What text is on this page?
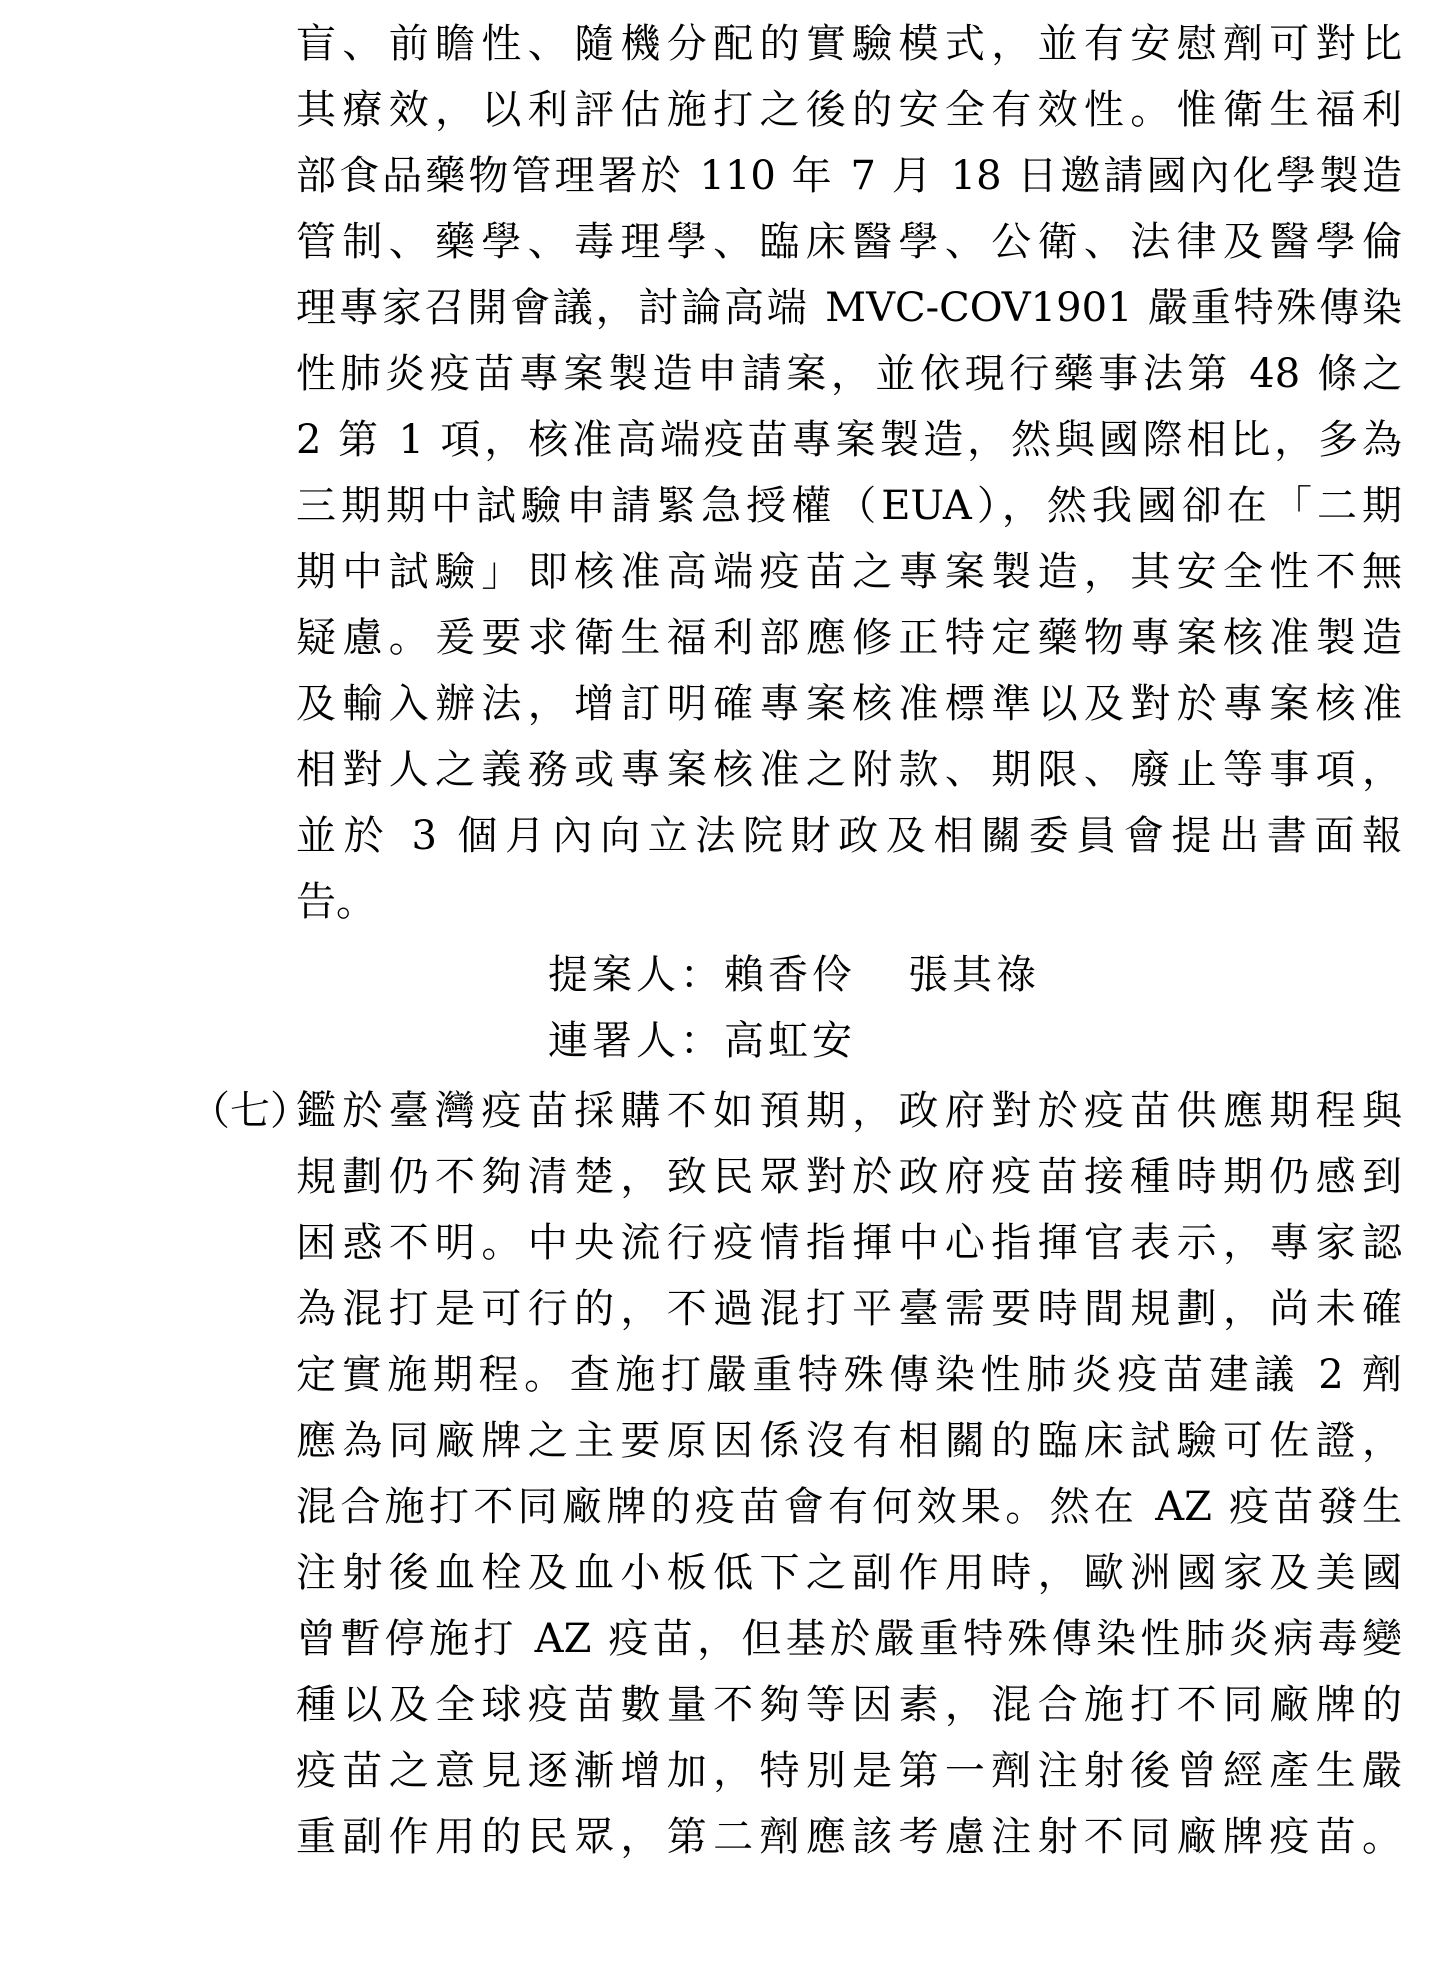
盲、前瞻性、隨機分配的實驗模式，並有安慰劑可對比
其療效，以利評估施打之後的安全有效性。惟衛生福利
部食品藥物管理署於 110 年 7 月 18 日邀請國內化學製造
管制、藥學、毒理學、臨床醫學、公衛、法律及醫學倫
理專家召開會議，討論高端 MVC-COV1901 嚴重特殊傳染
性肺炎疫苗專案製造申請案，並依現行藥事法第 48 條之
2 第 1 項，核准高端疫苗專案製造，然與國際相比，多為
三期期中試驗申請緊急授權（EUA），然我國卻在「二期
期中試驗」即核准高端疫苗之專案製造，其安全性不無
疑慮。爰要求衛生福利部應修正特定藥物專案核准製造
及輸入辦法，增訂明確專案核准標準以及對於專案核准
相對人之義務或專案核准之附款、期限、廢止等事項，
並於 3 個月內向立法院財政及相關委員會提出書面報
告。
提案人：賴香伶 張其祿
連署人：高虹安
（七）
鑑於臺灣疫苗採購不如預期，政府對於疫苗供應期程與
規劃仍不夠清楚，致民眾對於政府疫苗接種時期仍感到
困惑不明。中央流行疫情指揮中心指揮官表示，專家認
為混打是可行的，不過混打平臺需要時間規劃，尚未確
定實施期程。查施打嚴重特殊傳染性肺炎疫苗建議 2 劑
應為同廠牌之主要原因係沒有相關的臨床試驗可佐證，
混合施打不同廠牌的疫苗會有何效果。然在 AZ 疫苗發生
注射後血栓及血小板低下之副作用時，歐洲國家及美國
曾暫停施打 AZ 疫苗，但基於嚴重特殊傳染性肺炎病毒變
種以及全球疫苗數量不夠等因素，混合施打不同廠牌的
疫苗之意見逐漸增加，特別是第一劑注射後曾經產生嚴
重副作用的民眾，第二劑應該考慮注射不同廠牌疫苗。
